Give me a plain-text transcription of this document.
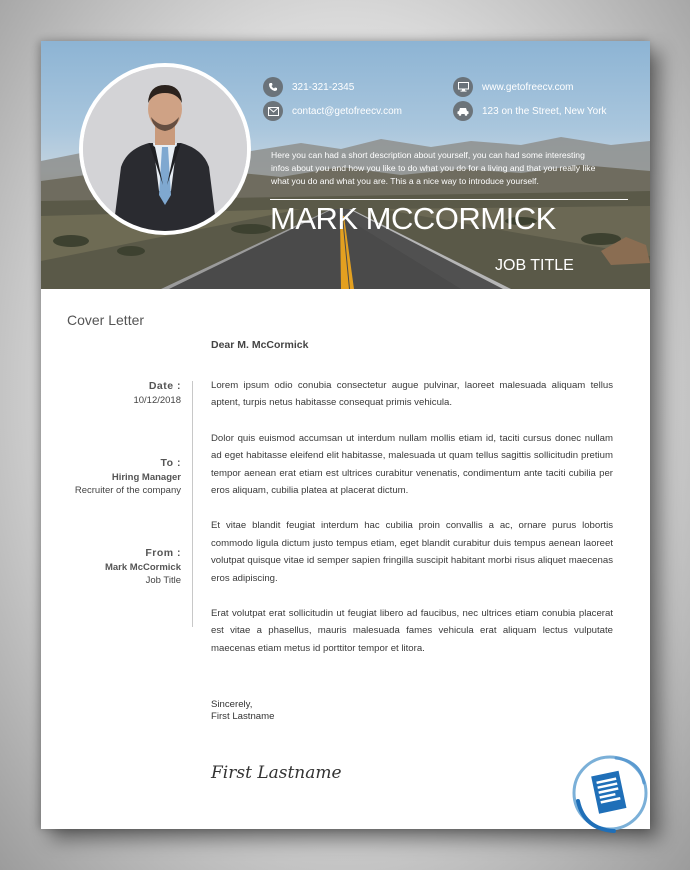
321-321-2345
contact@getofreecv.com
www.getofreecv.com
123 on the Street, New York
Here you can had a short description about yourself, you can had some interesting
infos about you and how you like to do what you do for a living and that you really like
what you do and what you are. This a a nice way to introduce yourself.
MARK MCCORMICK
JOB TITLE
Cover Letter
Dear M. McCormick
Date :
10/12/2018
To :
Hiring Manager
Recruiter of the company
From :
Mark McCormick
Job Title

Lorem ipsum odio conubia consectetur augue pulvinar, laoreet malesuada aliquam tellus aptent, turpis netus habitasse consequat primis vehicula.

Dolor quis euismod accumsan ut interdum nullam mollis etiam id, taciti cursus donec nullam ad eget habitasse eleifend elit habitasse, malesuada ut quam tellus sagittis sollicitudin pretium tempor aenean erat etiam est ultrices curabitur venenatis, condimentum ante taciti cubilia per eros aliquam, cubilia platea at placerat dictum.

Et vitae blandit feugiat interdum hac cubilia proin convallis a ac, ornare purus lobortis commodo ligula dictum justo tempus etiam, eget blandit curabitur duis tempus aenean laoreet volutpat quisque vitae id semper sapien fringilla suscipit habitant morbi risus aliquet maecenas eros adipiscing.

Erat volutpat erat sollicitudin ut feugiat libero ad faucibus, nec ultrices etiam conubia placerat est vitae a phasellus, mauris malesuada fames vehicula erat aliquam lectus vulputate maecenas etiam metus id porttitor tempor et litora.

Sincerely,
First Lastname
First Lastname
